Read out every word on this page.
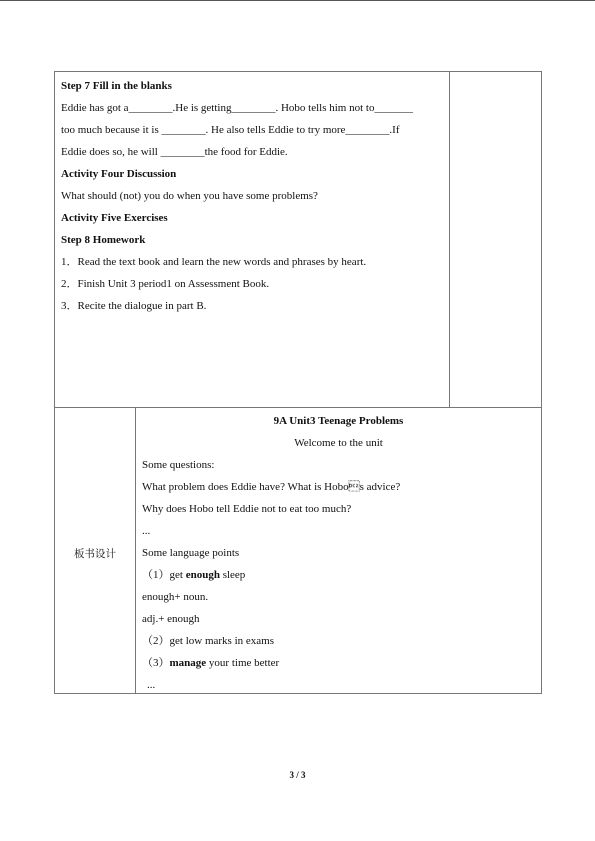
Step 7 Fill in the blanks
Eddie has got a________.He is getting________. Hobo tells him not to_______
too much because it is ________. He also tells Eddie to try more________.If
Eddie does so, he will ________the food for Eddie.
Activity Four Discussion
What should (not) you do when you have some problems?
Activity Five Exercises
Step 8 Homework
1．Read the text book and learn the new words and phrases by heart.
2．Finish Unit 3 period1 on Assessment Book.
3．Recite the dialogue in part B.
板书设计
9A Unit3 Teenage Problems
Welcome to the unit
Some questions:
What problem does Eddie have? What is Hobos advice?
Why does Hobo tell Eddie not to eat too much?
...
Some language points
（1）get enough sleep
enough+ noun.
adj.+ enough
（2）get low marks in exams
（3）manage your time better
...
3 / 3
